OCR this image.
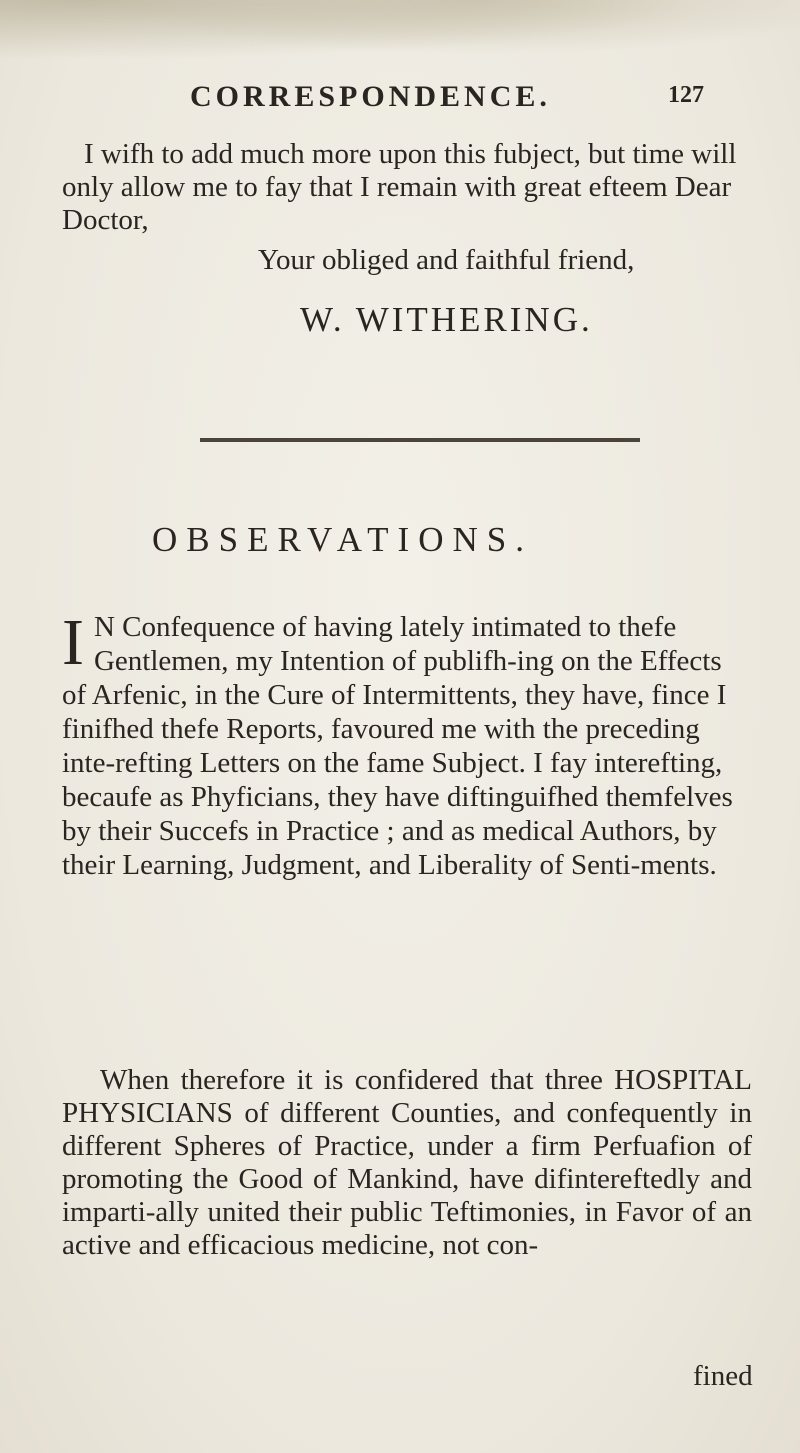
CORRESPONDENCE.	127

I wifh to add much more upon this fubject, but time will only allow me to fay that I remain with great efteem Dear Doctor,

Your obliged and faithful friend,
W. WITHERING.
OBSERVATIONS.
I N Confequence of having lately intimated to thefe Gentlemen, my Intention of publifh-ing on the Effects of Arfenic, in the Cure of Intermittents, they have, fince I finifhed thefe Reports, favoured me with the preceding inte-refting Letters on the fame Subject. I fay interefting, becaufe as Phyficians, they have diftinguifhed themfelves by their Succefs in Practice ; and as medical Authors, by their Learning, Judgment, and Liberality of Senti-ments.

When therefore it is confidered that three HOSPITAL PHYSICIANS of different Counties, and confequently in different Spheres of Practice, under a firm Perfuafion of promoting the Good of Mankind, have difintereftedly and imparti-ally united their public Teftimonies, in Favor of an active and efficacious medicine, not con-

fined
